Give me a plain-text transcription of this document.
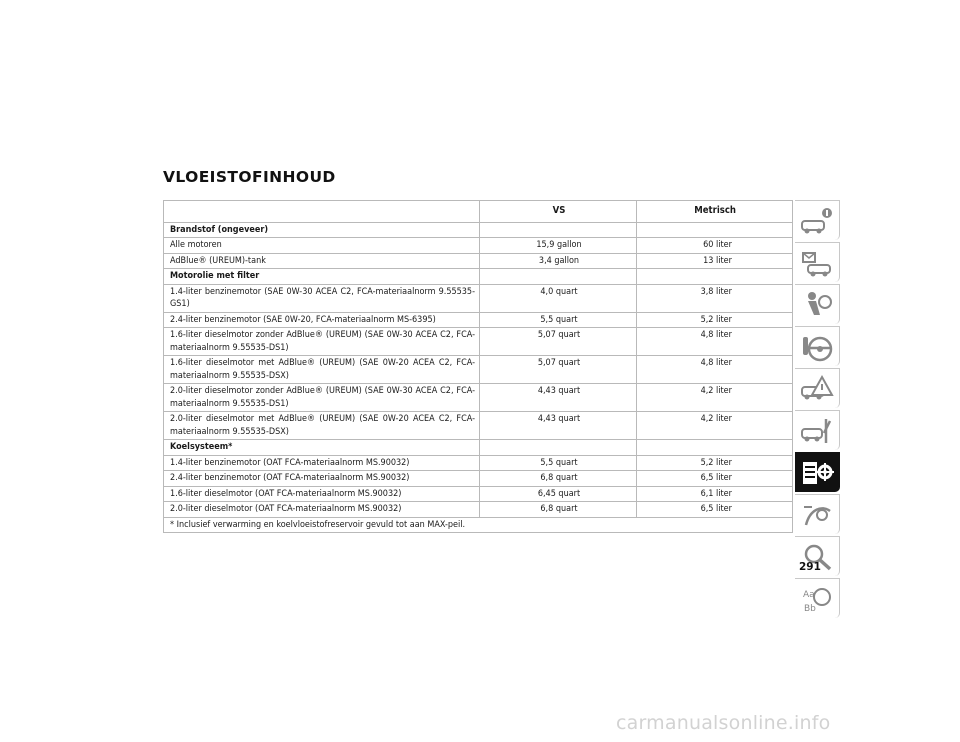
VLOEISTOFINHOUD
	VS	Metrisch
Brandstof (ongeveer)		
Alle motoren	15,9 gallon	60 liter
AdBlue® (UREUM)-tank	3,4 gallon	13 liter
Motorolie met filter		
1.4-liter benzinemotor (SAE 0W-30 ACEA C2, FCA-materiaalnorm 9.55535-GS1)	4,0 quart	3,8 liter
2.4-liter benzinemotor (SAE 0W-20, FCA-materiaalnorm MS-6395)	5,5 quart	5,2 liter
1.6-liter dieselmotor zonder AdBlue® (UREUM) (SAE 0W-30 ACEA C2, FCA-materiaalnorm 9.55535-DS1)	5,07 quart	4,8 liter
1.6-liter dieselmotor met AdBlue® (UREUM) (SAE 0W-20 ACEA C2, FCA-materiaalnorm 9.55535-DSX)	5,07 quart	4,8 liter
2.0-liter dieselmotor zonder AdBlue® (UREUM) (SAE 0W-30 ACEA C2, FCA-materiaalnorm 9.55535-DS1)	4,43 quart	4,2 liter
2.0-liter dieselmotor met AdBlue® (UREUM) (SAE 0W-20 ACEA C2, FCA-materiaalnorm 9.55535-DSX)	4,43 quart	4,2 liter
Koelsysteem*		
1.4-liter benzinemotor (OAT FCA-materiaalnorm MS.90032)	5,5 quart	5,2 liter
2.4-liter benzinemotor (OAT FCA-materiaalnorm MS.90032)	6,8 quart	6,5 liter
1.6-liter dieselmotor (OAT FCA-materiaalnorm MS.90032)	6,45 quart	6,1 liter
2.0-liter dieselmotor (OAT FCA-materiaalnorm MS.90032)	6,8 quart	6,5 liter
* Inclusief verwarming en koelvloeistofreservoir gevuld tot aan MAX-peil.		
Aa
Bb
291
carmanualsonline.info
